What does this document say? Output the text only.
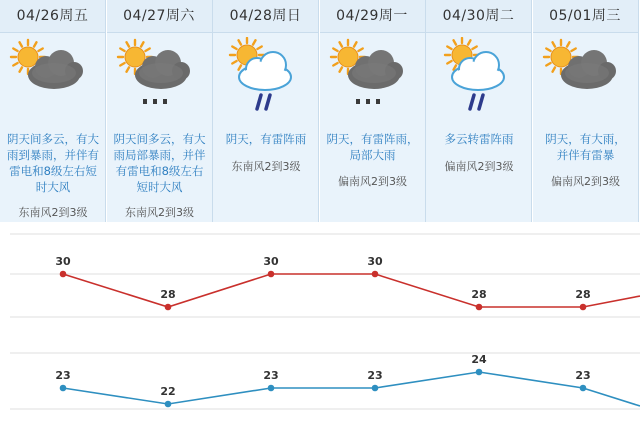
04/26周五
阴天间多云，有大
雨到暴雨，并伴有
雷电和8级左右短
时大风
东南风2到3级
04/27周六
阴天间多云，有大
雨局部暴雨，并伴
有雷电和8级左右
短时大风
东南风2到3级
04/28周日
阴天，有雷阵雨
东南风2到3级
04/29周一
阴天，有雷阵雨，
局部大雨
偏南风2到3级
04/30周二
多云转雷阵雨
偏南风2到3级
05/01周三
阴天，有大雨，
并伴有雷暴
偏南风2到3级
30
28
30	30
28	28
23
22
23	23
24
23
